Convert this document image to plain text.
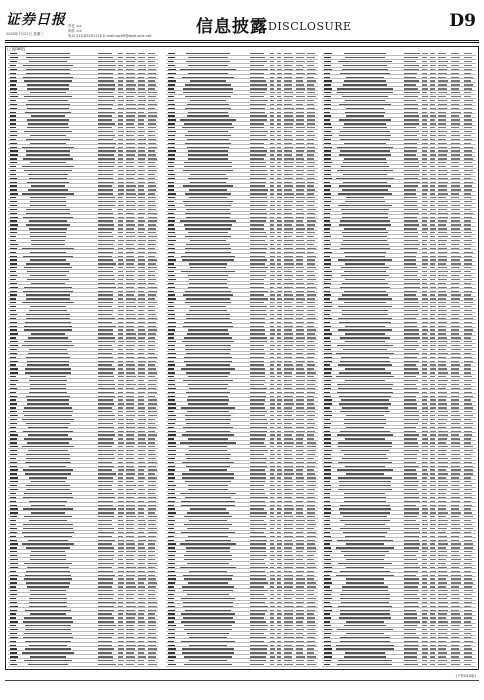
证券日报
2020年7月22日 星期三
责任 ××
制作 ××
电话 010-83251716 E-mail:zqrb9@zqrb.sina.net	信息披露 DISCLOSURE	D9
(上接D8版)
(下转D10版)
